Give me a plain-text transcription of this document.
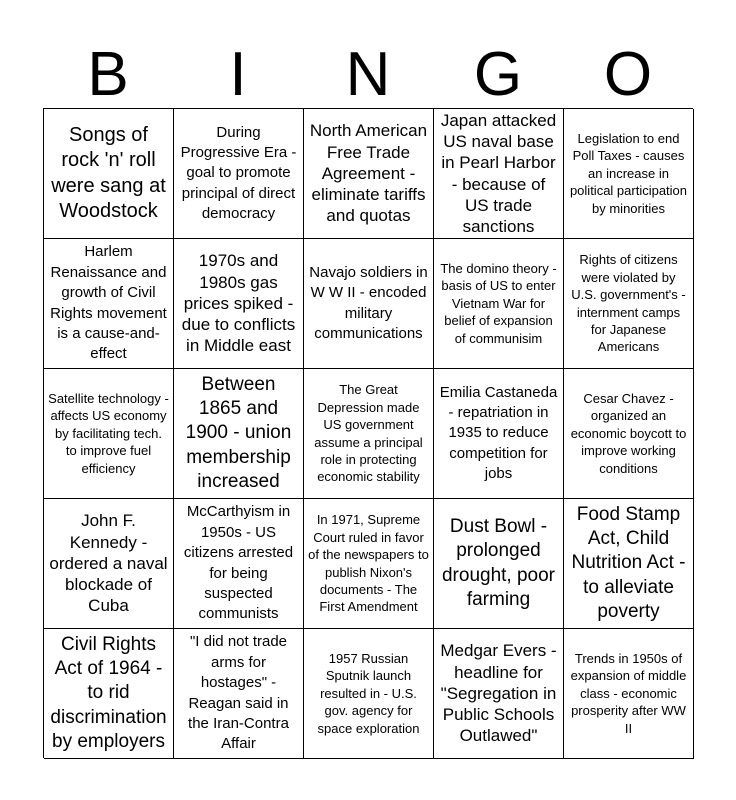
B	I	N	G	O
Songs of rock 'n' roll were sang at Woodstock
During Progressive Era - goal to promote principal of direct democracy
North American Free Trade Agreement - eliminate tariffs and quotas
Japan attacked US naval base in Pearl Harbor - because of US trade sanctions
Legislation to end Poll Taxes - causes an increase in political participation by minorities
Harlem Renaissance and growth of Civil Rights movement is a cause-and-effect
1970s and 1980s gas prices spiked - due to conflicts in Middle east
Navajo soldiers in W W II - encoded military communications
The domino theory - basis of US to enter Vietnam War for belief of expansion of communisim
Rights of citizens were violated by U.S. government's - internment camps for Japanese Americans
Satellite technology - affects US economy by facilitating tech. to improve fuel efficiency
Between 1865 and 1900 - union membership increased
The Great Depression made US government assume a principal role in protecting economic stability
Emilia Castaneda - repatriation in 1935 to reduce competition for jobs
Cesar Chavez - organized an economic boycott to improve working conditions
John F. Kennedy - ordered a naval blockade of Cuba
McCarthyism in 1950s - US citizens arrested for being suspected communists
In 1971, Supreme Court ruled in favor of the newspapers to publish Nixon's documents - The First Amendment
Dust Bowl - prolonged drought, poor farming
Food Stamp Act, Child Nutrition Act - to alleviate poverty
Civil Rights Act of 1964 - to rid discrimination by employers
"I did not trade arms for hostages" - Reagan said in the Iran-Contra Affair
1957 Russian Sputnik launch resulted in - U.S. gov. agency for space exploration
Medgar Evers - headline for "Segregation in Public Schools Outlawed"
Trends in 1950s of expansion of middle class - economic prosperity after WW II
